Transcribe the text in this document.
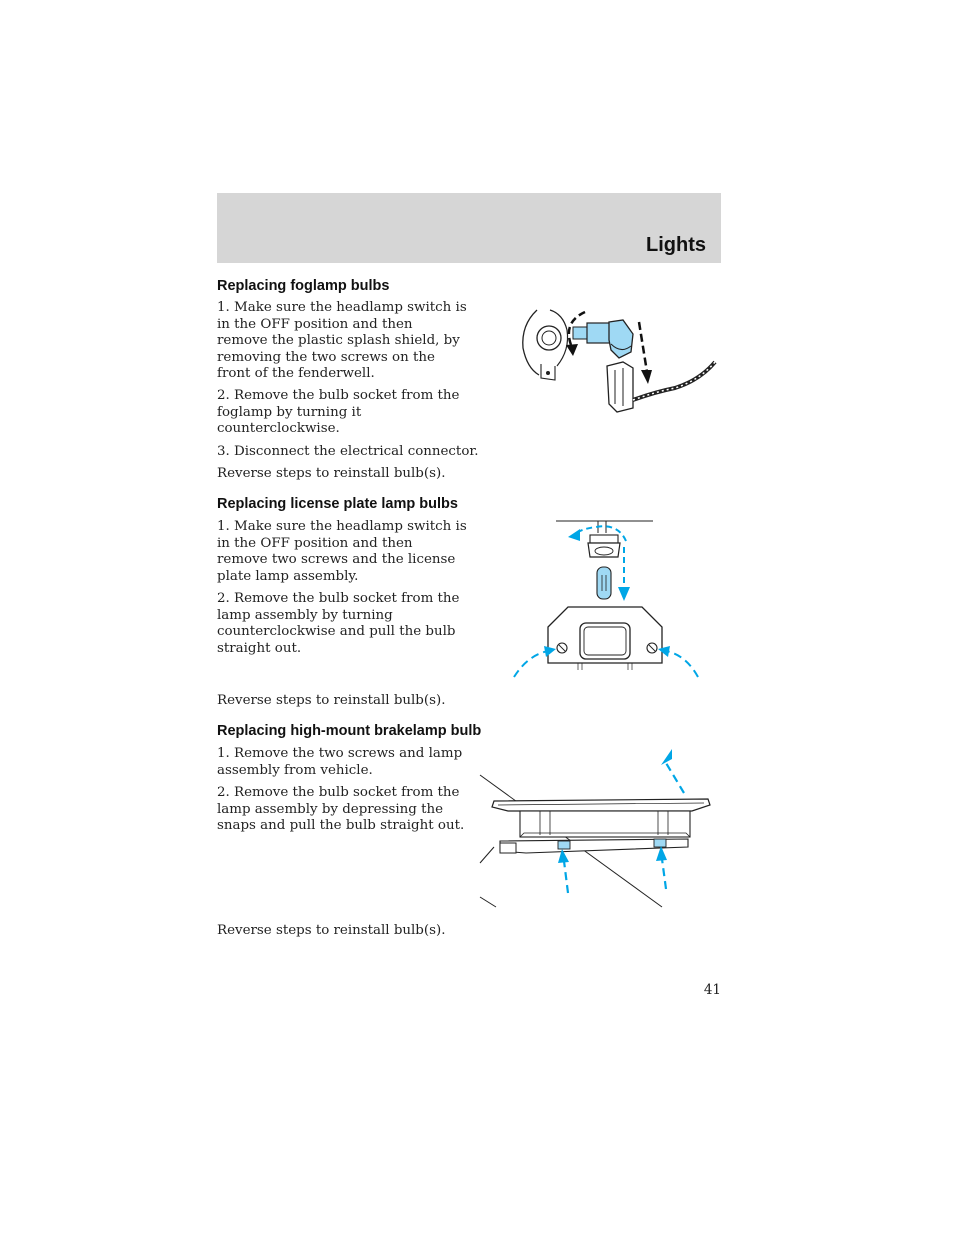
Lights
Replacing foglamp bulbs

1. Make sure the headlamp switch is
in the OFF position and then
remove the plastic splash shield, by
removing the two screws on the
front of the fenderwell.

2. Remove the bulb socket from the
foglamp by turning it
counterclockwise.

3. Disconnect the electrical connector.

Reverse steps to reinstall bulb(s).

Replacing license plate lamp bulbs

1. Make sure the headlamp switch is
in the OFF position and then
remove two screws and the license
plate lamp assembly.

2. Remove the bulb socket from the
lamp assembly by turning
counterclockwise and pull the bulb
straight out.

Reverse steps to reinstall bulb(s).

Replacing high-mount brakelamp bulb

1. Remove the two screws and lamp
assembly from vehicle.

2. Remove the bulb socket from the
lamp assembly by depressing the
snaps and pull the bulb straight out.

Reverse steps to reinstall bulb(s).

41
